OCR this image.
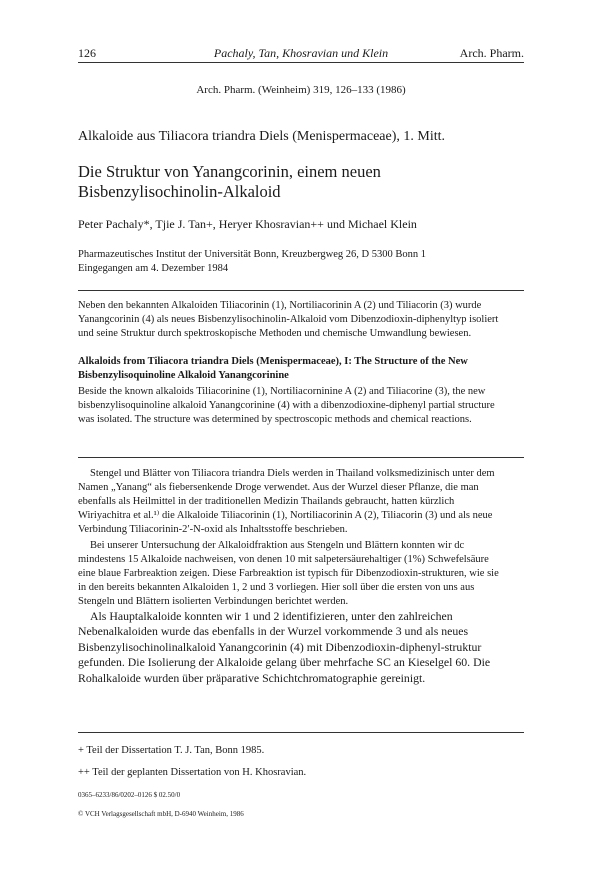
126	Pachaly, Tan, Khosravian und Klein	Arch. Pharm.
Arch. Pharm. (Weinheim) 319, 126–133 (1986)
Alkaloide aus Tiliacora triandra Diels (Menispermaceae), 1. Mitt.
Die Struktur von Yanangcorinin, einem neuen
Bisbenzylisochinolin-Alkaloid
Peter Pachaly*, Tjie J. Tan+, Heryer Khosravian++ und Michael Klein
Pharmazeutisches Institut der Universität Bonn, Kreuzbergweg 26, D 5300 Bonn 1
Eingegangen am 4. Dezember 1984
Neben den bekannten Alkaloiden Tiliacorinin (1), Nortiliacorinin A (2) und Tiliacorin (3) wurde
Yanangcorinin (4) als neues Bisbenzylisochinolin-Alkaloid vom Dibenzodioxin-diphenyltyp isoliert
und seine Struktur durch spektroskopische Methoden und chemische Umwandlung bewiesen.
Alkaloids from Tiliacora triandra Diels (Menispermaceae), I: The Structure of the New
Bisbenzylisoquinoline Alkaloid Yanangcorinine
Beside the known alkaloids Tiliacorinine (1), Nortiliacorninine A (2) and Tiliacorine (3), the new
bisbenzylisoquinoline alkaloid Yanangcorinine (4) with a dibenzodioxine-diphenyl partial structure
was isolated. The structure was determined by spectroscopic methods and chemical reactions.
Stengel und Blätter von Tiliacora triandra Diels werden in Thailand volksmedizinisch unter dem
Namen „Yanang“ als fiebersenkende Droge verwendet. Aus der Wurzel dieser Pflanze, die man
ebenfalls als Heilmittel in der traditionellen Medizin Thailands gebraucht, hatten kürzlich
Wiriyachitra et al.¹⁾ die Alkaloide Tiliacorinin (1), Nortiliacorinin A (2), Tiliacorin (3) und als neue
Verbindung Tiliacorinin-2′-N-oxid als Inhaltsstoffe beschrieben.
Bei unserer Untersuchung der Alkaloidfraktion aus Stengeln und Blättern konnten wir dc
mindestens 15 Alkaloide nachweisen, von denen 10 mit salpetersäurehaltiger (1%) Schwefelsäure
eine blaue Farbreaktion zeigen. Diese Farbreaktion ist typisch für Dibenzodioxin-strukturen, wie sie
in den bereits bekannten Alkaloiden 1, 2 und 3 vorliegen. Hier soll über die ersten von uns aus
Stengeln und Blättern isolierten Verbindungen berichtet werden.
Als Hauptalkaloide konnten wir 1 und 2 identifizieren, unter den zahlreichen
Nebenalkaloiden wurde das ebenfalls in der Wurzel vorkommende 3 und als neues
Bisbenzylisochinolinalkaloid Yanangcorinin (4) mit Dibenzodioxin-diphenyl-struktur
gefunden. Die Isolierung der Alkaloide gelang über mehrfache SC an Kieselgel 60. Die
Rohalkaloide wurden über präparative Schichtchromatographie gereinigt.
+ Teil der Dissertation T. J. Tan, Bonn 1985.
++ Teil der geplanten Dissertation von H. Khosravian.
0365–6233/86/0202–0126 $ 02.50/0
© VCH Verlagsgesellschaft mbH, D-6940 Weinheim, 1986
